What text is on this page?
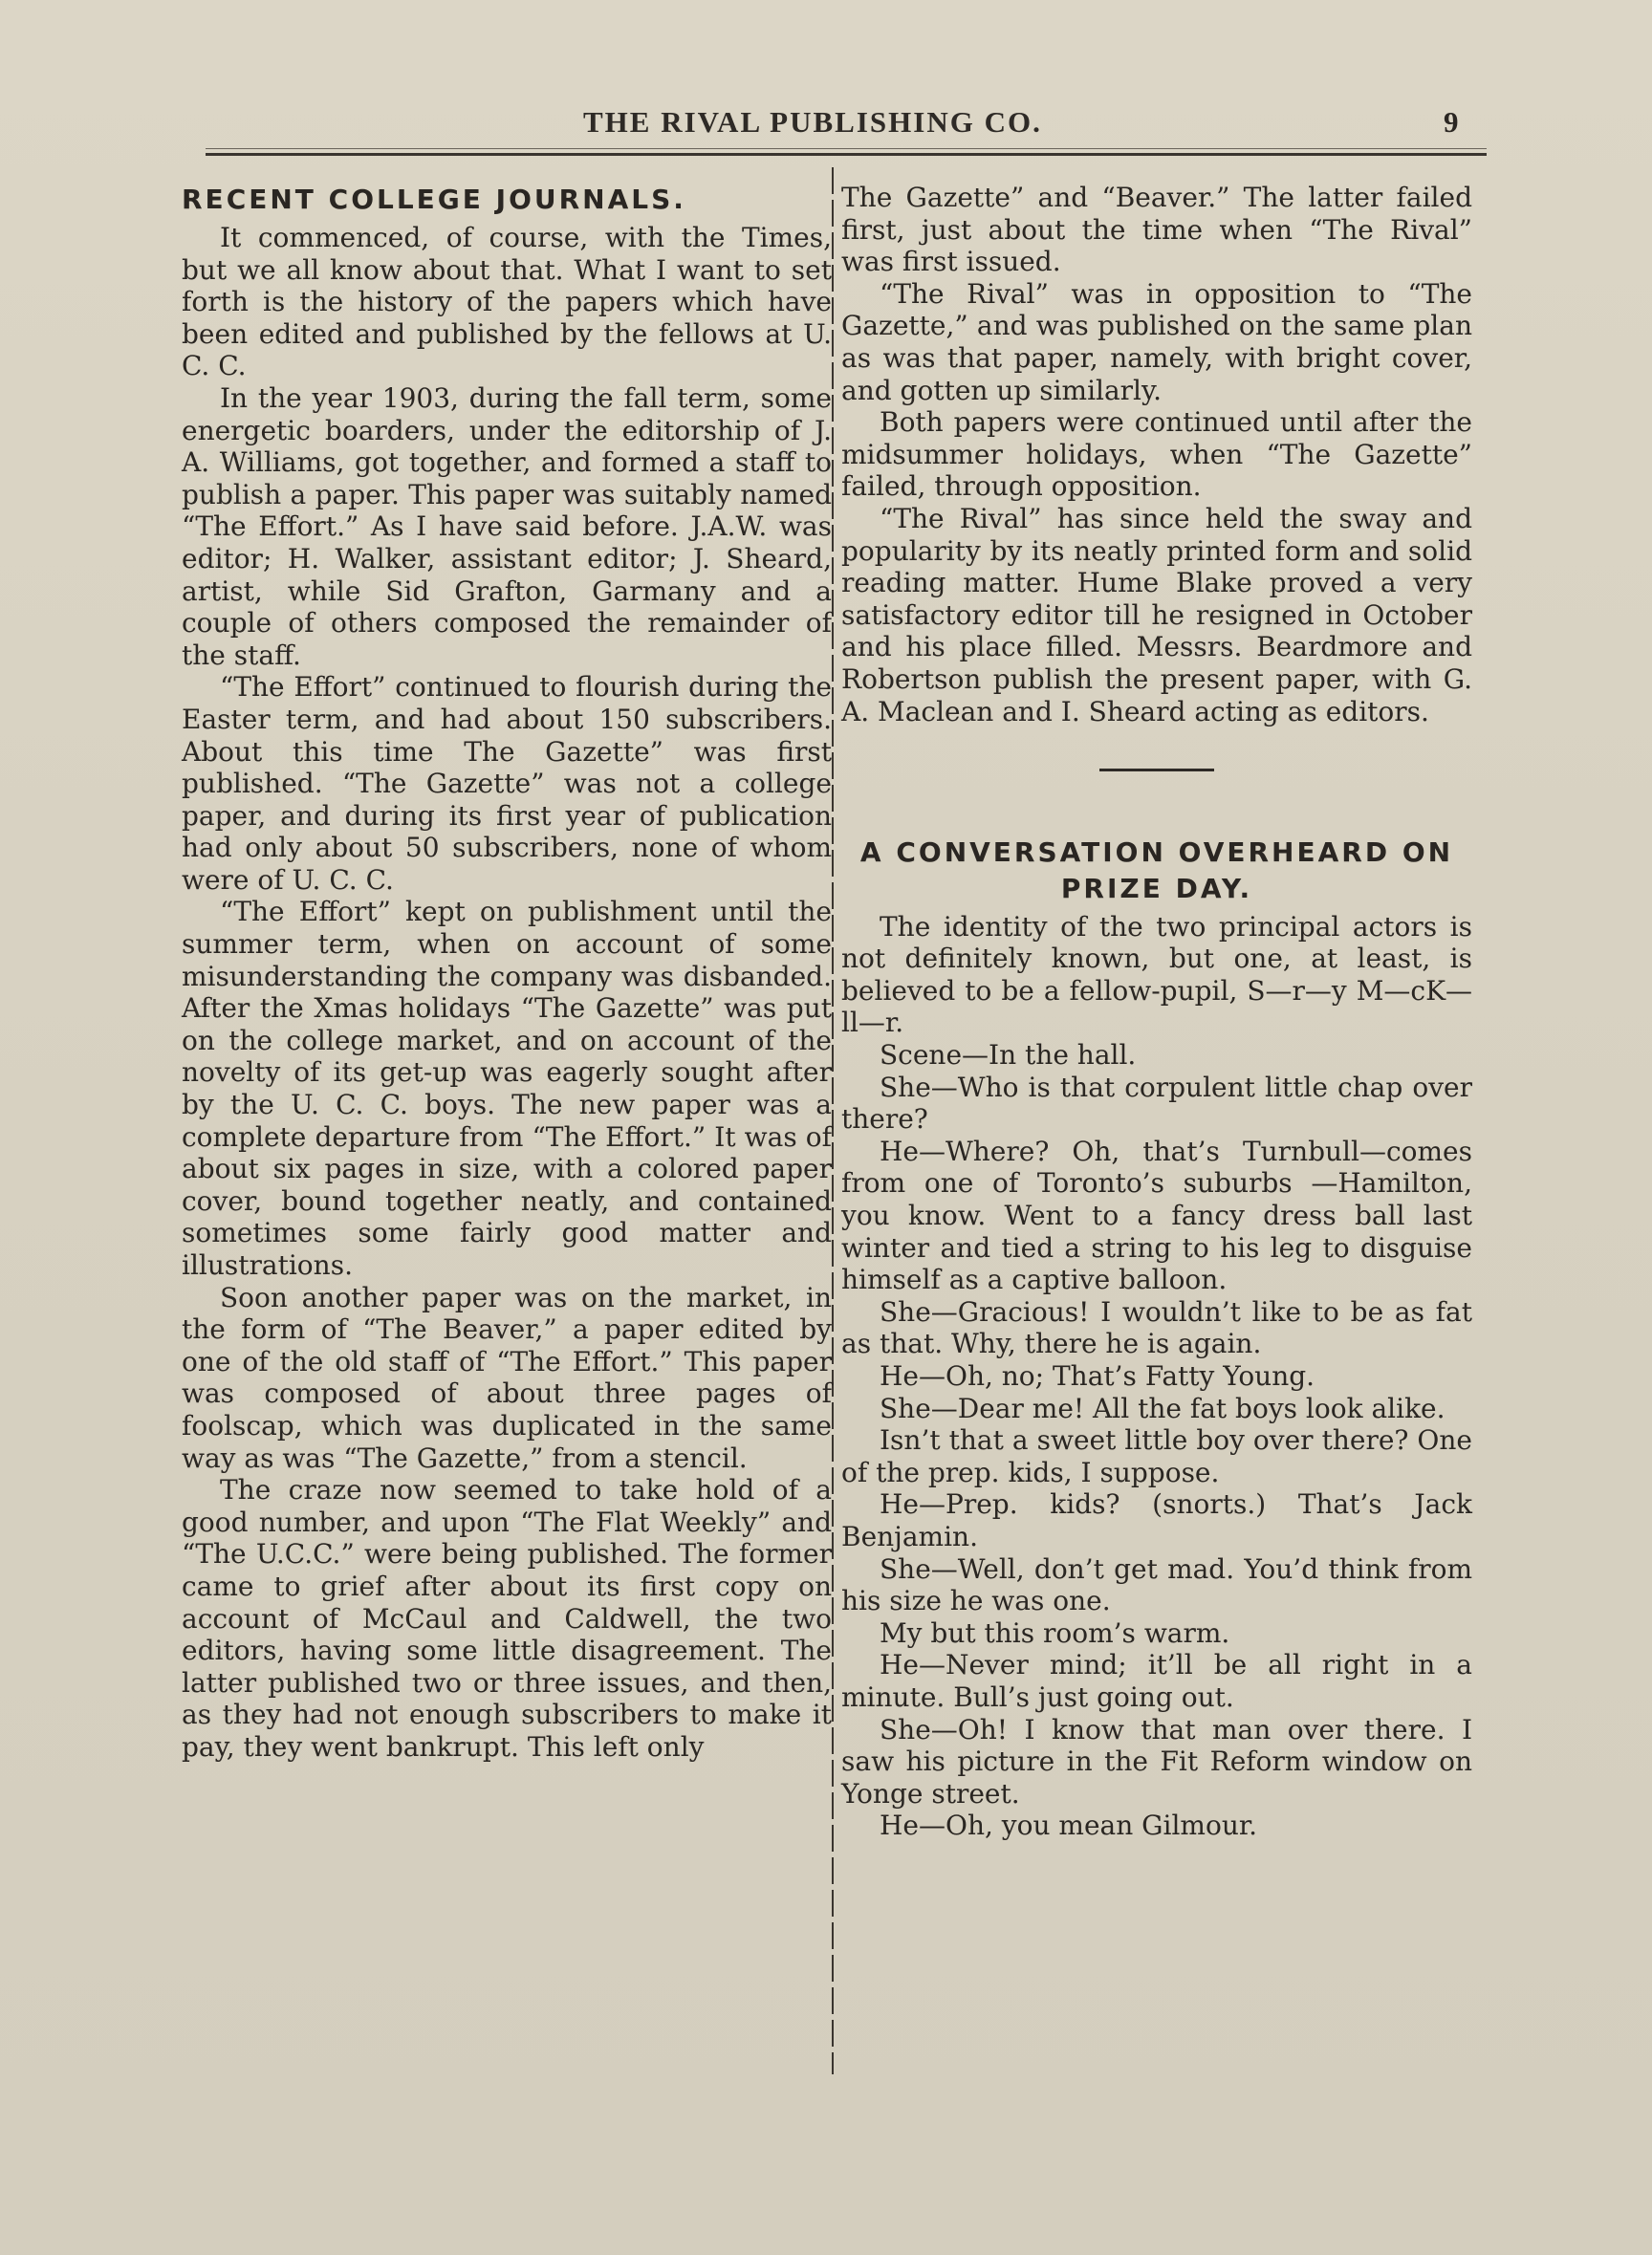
THE RIVAL PUBLISHING CO.	9
RECENT COLLEGE JOURNALS.

It commenced, of course, with the Times, but we all know about that. What I want to set forth is the history of the papers which have been edited and published by the fellows at U. C. C.

In the year 1903, during the fall term, some energetic boarders, under the editorship of J. A. Williams, got together, and formed a staff to publish a paper. This paper was suitably named “The Effort.” As I have said before. J.A.W. was editor; H. Walker, assistant editor; J. Sheard, artist, while Sid Grafton, Garmany and a couple of others composed the remainder of the staff.

“The Effort” continued to flourish during the Easter term, and had about 150 subscribers. About this time The Gazette” was first published. “The Gazette” was not a college paper, and during its first year of publication had only about 50 subscribers, none of whom were of U. C. C.

“The Effort” kept on publishment until the summer term, when on account of some misunderstanding the company was disbanded. After the Xmas holidays “The Gazette” was put on the college market, and on account of the novelty of its get-up was eagerly sought after by the U. C. C. boys. The new paper was a complete departure from “The Effort.” It was of about six pages in size, with a colored paper cover, bound together neatly, and contained sometimes some fairly good matter and illustrations.

Soon another paper was on the market, in the form of “The Beaver,” a paper edited by one of the old staff of “The Effort.” This paper was composed of about three pages of foolscap, which was duplicated in the same way as was “The Gazette,” from a stencil.

The craze now seemed to take hold of a good number, and upon “The Flat Weekly” and “The U.C.C.” were being published. The former came to grief after about its first copy on account of McCaul and Caldwell, the two editors, having some little disagreement. The latter published two or three issues, and then, as they had not enough subscribers to make it pay, they went bankrupt. This left only

The Gazette” and “Beaver.” The latter failed first, just about the time when “The Rival” was first issued.

“The Rival” was in opposition to “The Gazette,” and was published on the same plan as was that paper, namely, with bright cover, and gotten up similarly.

Both papers were continued until after the midsummer holidays, when “The Gazette” failed, through opposition.

“The Rival” has since held the sway and popularity by its neatly printed form and solid reading matter. Hume Blake proved a very satisfactory editor till he resigned in October and his place filled. Messrs. Beardmore and Robertson publish the present paper, with G. A. Maclean and I. Sheard acting as editors.

A CONVERSATION OVERHEARD ON PRIZE DAY.

The identity of the two principal actors is not definitely known, but one, at least, is believed to be a fellow-pupil, S—r—y M—cK—ll—r.

Scene—In the hall.

She—Who is that corpulent little chap over there?

He—Where? Oh, that’s Turnbull—comes from one of Toronto’s suburbs —Hamilton, you know. Went to a fancy dress ball last winter and tied a string to his leg to disguise himself as a captive balloon.

She—Gracious! I wouldn’t like to be as fat as that. Why, there he is again.

He—Oh, no; That’s Fatty Young.

She—Dear me! All the fat boys look alike.

Isn’t that a sweet little boy over there? One of the prep. kids, I suppose.

He—Prep. kids? (snorts.) That’s Jack Benjamin.

She—Well, don’t get mad. You’d think from his size he was one.

My but this room’s warm.

He—Never mind; it’ll be all right in a minute. Bull’s just going out.

She—Oh! I know that man over there. I saw his picture in the Fit Reform window on Yonge street.

He—Oh, you mean Gilmour.
